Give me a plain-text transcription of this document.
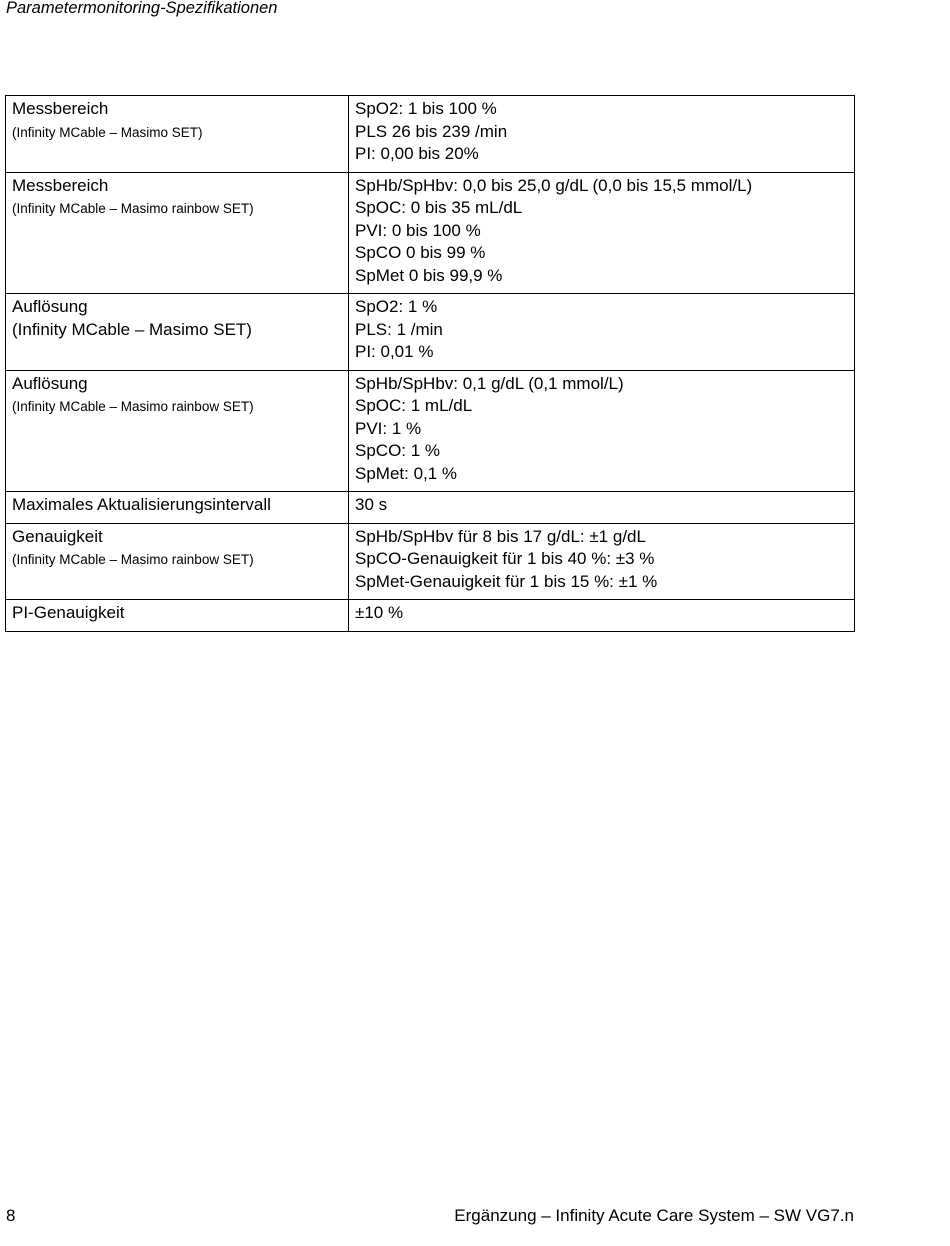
Parametermonitoring-Spezifikationen
Messbereich
(Infinity MCable – Masimo SET)	SpO2: 1 bis 100 %
PLS 26 bis 239 /min
PI: 0,00 bis 20%

Messbereich
(Infinity MCable – Masimo rainbow SET)	SpHb/SpHbv: 0,0 bis 25,0 g/dL (0,0 bis 15,5 mmol/L)
SpOC: 0 bis 35 mL/dL
PVI: 0 bis 100 %
SpCO 0 bis 99 %
SpMet 0 bis 99,9 %

Auflösung
(Infinity MCable – Masimo SET)	SpO2: 1 %
PLS: 1 /min
PI: 0,01 %

Auflösung
(Infinity MCable – Masimo rainbow SET)	SpHb/SpHbv: 0,1 g/dL (0,1 mmol/L)
SpOC: 1 mL/dL
PVI: 1 %
SpCO: 1 %
SpMet: 0,1 %

Maximales Aktualisierungsintervall	30 s

Genauigkeit
(Infinity MCable – Masimo rainbow SET)	SpHb/SpHbv für 8 bis 17 g/dL: ±1 g/dL
SpCO-Genauigkeit für 1 bis 40 %: ±3 %
SpMet-Genauigkeit für 1 bis 15 %: ±1 %

PI-Genauigkeit	±10 %
8	Ergänzung – Infinity Acute Care System – SW VG7.n
